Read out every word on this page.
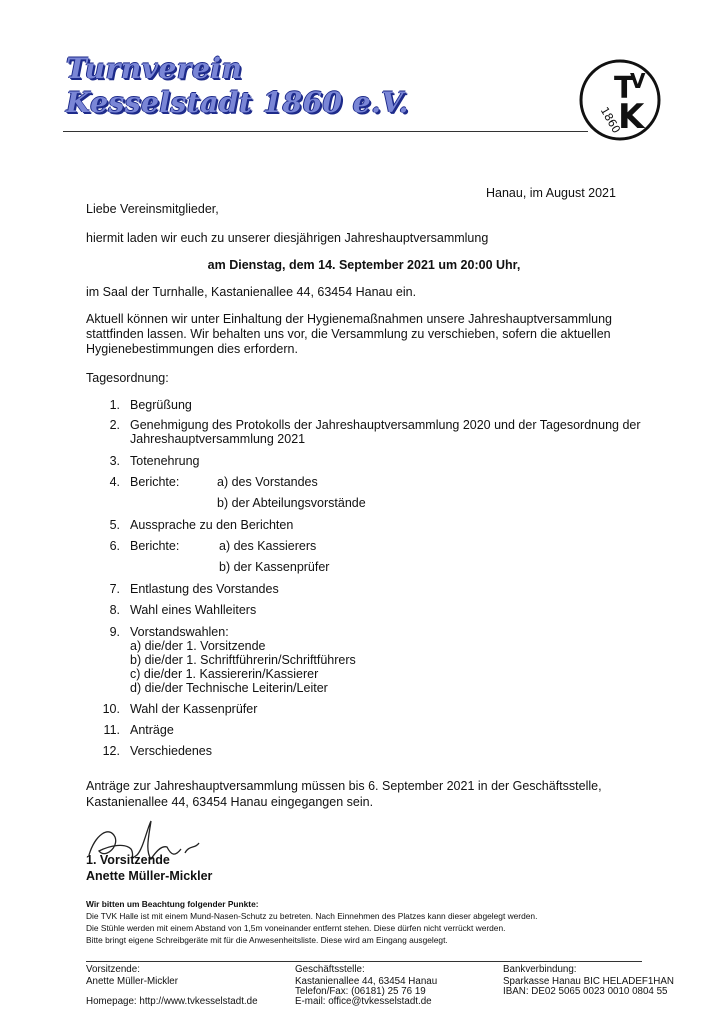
Turnverein
Kesselstadt 1860 e.V.	T
V
K
1860
Hanau, im August 2021
Liebe Vereinsmitglieder,
hiermit laden wir euch zu unserer diesjährigen Jahreshauptversammlung
am Dienstag, dem 14. September 2021 um 20:00 Uhr,
im Saal der Turnhalle, Kastanienallee 44, 63454 Hanau ein.
Aktuell können wir unter Einhaltung der Hygienemaßnahmen unsere Jahreshauptversammlung
stattfinden lassen. Wir behalten uns vor, die Versammlung zu verschieben, sofern die aktuellen
Hygienebestimmungen dies erfordern.
Tagesordnung:
1. Begrüßung
2. Genehmigung des Protokolls der Jahreshauptversammlung 2020 und der Tagesordnung der
Jahreshauptversammlung 2021
3. Totenehrung
4. Berichte:	a) des Vorstandes
b) der Abteilungsvorstände
5. Aussprache zu den Berichten
6. Berichte:	a) des Kassierers
b) der Kassenprüfer
7. Entlastung des Vorstandes
8. Wahl eines Wahlleiters
9. Vorstandswahlen:
a) die/der 1. Vorsitzende
b) die/der 1. Schriftführerin/Schriftführers
c) die/der 1. Kassiererin/Kassierer
d) die/der Technische Leiterin/Leiter
10. Wahl der Kassenprüfer
11. Anträge
12. Verschiedenes
Anträge zur Jahreshauptversammlung müssen bis 6. September 2021 in der Geschäftsstelle,
Kastanienallee 44, 63454 Hanau eingegangen sein.
1. Vorsitzende
Anette Müller-Mickler
Wir bitten um Beachtung folgender Punkte:
Die TVK Halle ist mit einem Mund-Nasen-Schutz zu betreten. Nach Einnehmen des Platzes kann dieser abgelegt werden.
Die Stühle werden mit einem Abstand von 1,5m voneinander entfernt stehen. Diese dürfen nicht verrückt werden.
Bitte bringt eigene Schreibgeräte mit für die Anwesenheitsliste. Diese wird am Eingang ausgelegt.
Vorsitzende:
Anette Müller-Mickler
Homepage: http://www.tvkesselstadt.de
Geschäftsstelle:
Kastanienallee 44, 63454 Hanau
Telefon/Fax: (06181) 25 76 19
E-mail: office@tvkesselstadt.de
Bankverbindung:
Sparkasse Hanau BIC HELADEF1HAN
IBAN: DE02 5065 0023 0010 0804 55
